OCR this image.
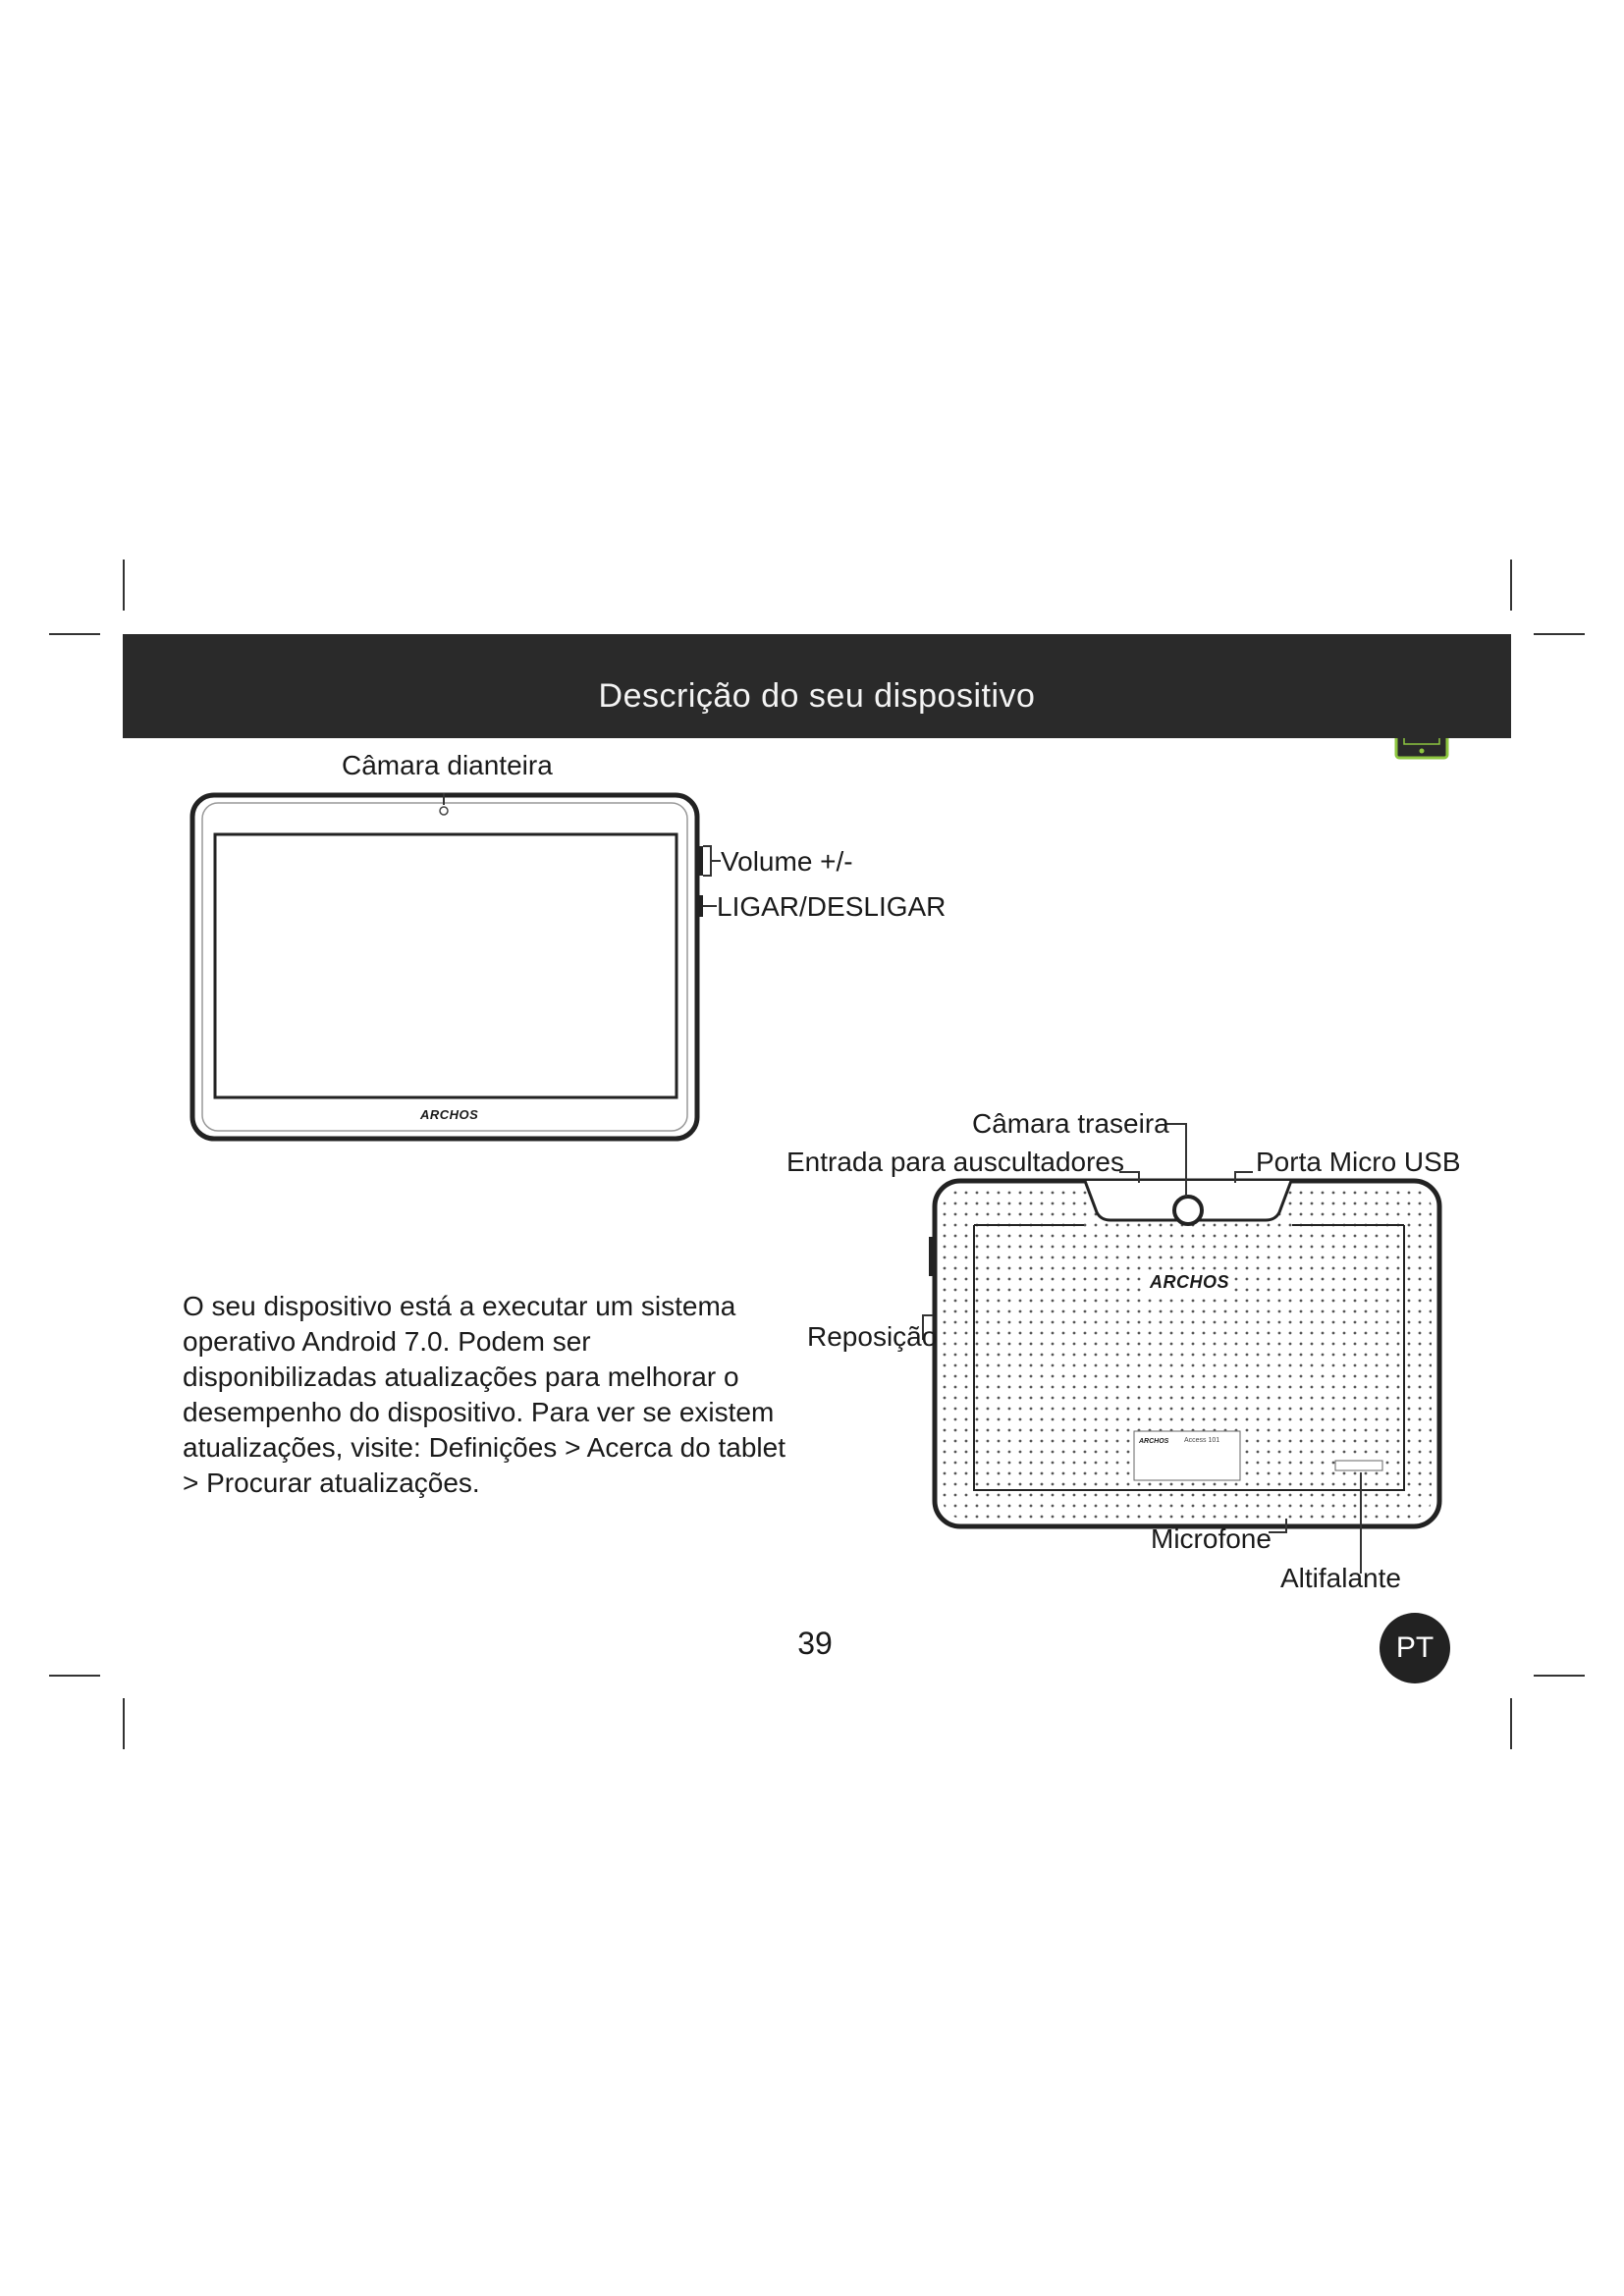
Descrição do seu dispositivo
Câmara dianteira
Volume +/-
LIGAR/DESLIGAR
ARCHOS	Câmara traseira
Entrada para auscultadores	Porta Micro USB
Reposição
Microfone
Altifalante
ARCHOS
ARCHOS Access 101
O seu dispositivo está a executar um sistema operativo Android 7.0. Podem ser disponibilizadas atualizações para melhorar o desempenho do dispositivo. Para ver se existem atualizações, visite: Definições > Acerca do tablet > Procurar atualizações.
39	PT
